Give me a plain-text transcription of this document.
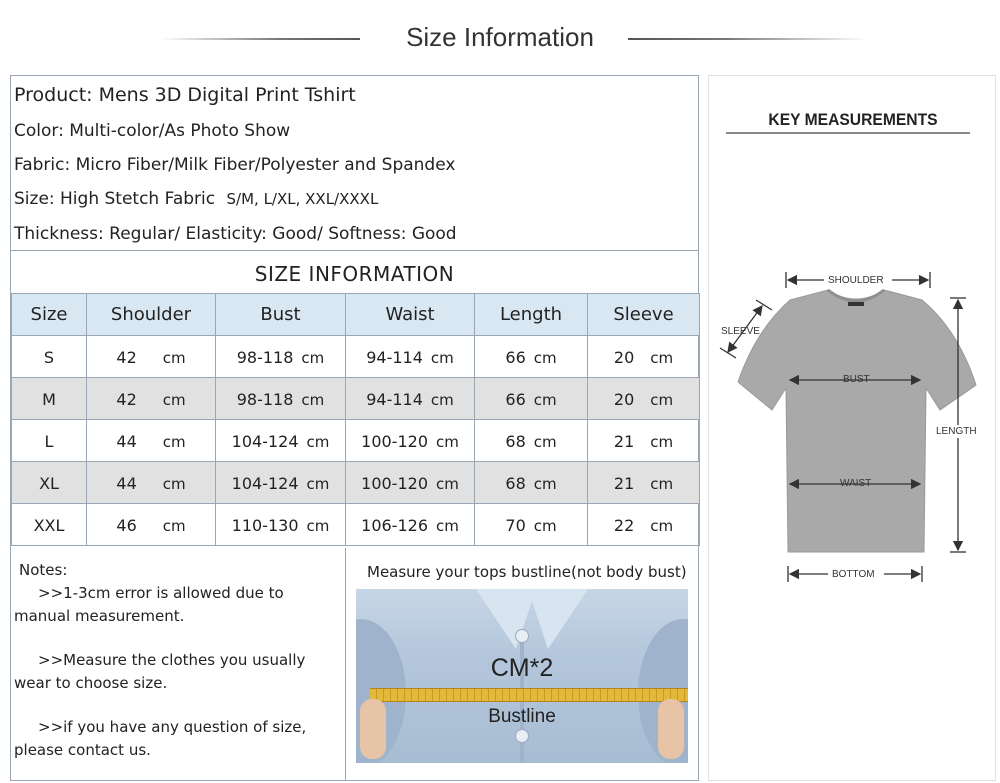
Size Information
Product: Mens 3D Digital Print Tshirt
Color: Multi-color/As Photo Show
Fabric: Micro Fiber/Milk Fiber/Polyester and Spandex
Size: High Stetch Fabric S/M, L/XL, XXL/XXXL
Thickness: Regular/ Elasticity: Good/ Softness: Good
SIZE INFORMATION
Size	Shoulder	Bust	Waist	Length	Sleeve

S	42 cm	98-118 cm	94-114 cm	66 cm	20 cm

M	42 cm	98-118 cm	94-114 cm	66 cm	20 cm

L	44 cm	104-124 cm	100-120 cm	68 cm	21 cm

XL	44 cm	104-124 cm	100-120 cm	68 cm	21 cm

XXL	46 cm	110-130 cm	106-126 cm	70 cm	22 cm
Notes:
>>1-3cm error is allowed due to
manual measurement.
>>Measure the clothes you usually
wear to choose size.
>>if you have any question of size,
please contact us.
Measure your tops bustline(not body bust)
CM*2
Bustline
KEY MEASUREMENTS
SHOULDER
SLEEVE
BUST
LENGTH
WAIST
BOTTOM
